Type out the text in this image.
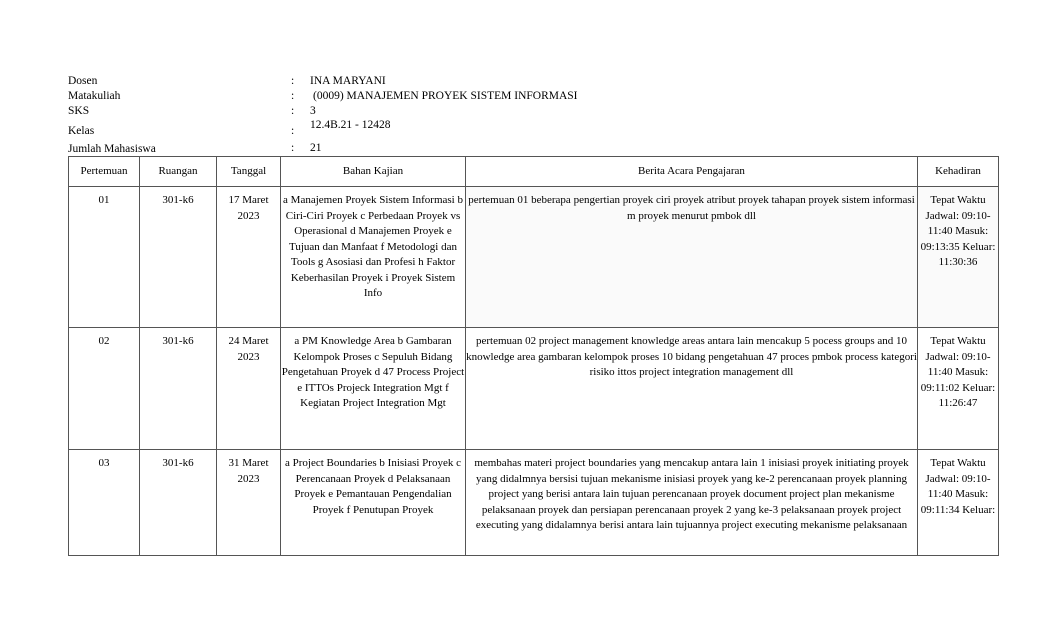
Dosen	: INA MARYANI
Matakuliah	: (0009) MANAJEMEN PROYEK SISTEM INFORMASI
SKS	: 3
Kelas	: 12.4B.21 - 12428
Jumlah Mahasiswa	: 21
Pertemuan	Ruangan	Tanggal	Bahan Kajian	Berita Acara Pengajaran	Kehadiran
01	301-k6	17 Maret 2023	a Manajemen Proyek Sistem Informasi b Ciri-Ciri Proyek c Perbedaan Proyek vs Operasional d Manajemen Proyek e Tujuan dan Manfaat f Metodologi dan Tools g Asosiasi dan Profesi h Faktor Keberhasilan Proyek i Proyek Sistem Info	pertemuan 01 beberapa pengertian proyek ciri proyek atribut proyek tahapan proyek sistem informasi m proyek menurut pmbok dll	Tepat Waktu Jadwal: 09:10-11:40 Masuk: 09:13:35 Keluar: 11:30:36
02	301-k6	24 Maret 2023	a PM Knowledge Area b Gambaran Kelompok Proses c Sepuluh Bidang Pengetahuan Proyek d 47 Process Project e ITTOs Projeck Integration Mgt f Kegiatan Project Integration Mgt	pertemuan 02 project management knowledge areas antara lain mencakup 5 pocess groups and 10 knowledge area gambaran kelompok proses 10 bidang pengetahuan 47 proces pmbok process kategori risiko ittos project integration management dll	Tepat Waktu Jadwal: 09:10-11:40 Masuk: 09:11:02 Keluar: 11:26:47
03	301-k6	31 Maret 2023	a Project Boundaries b Inisiasi Proyek c Perencanaan Proyek d Pelaksanaan Proyek e Pemantauan Pengendalian Proyek f Penutupan Proyek	membahas materi project boundaries yang mencakup antara lain 1 inisiasi proyek initiating proyek yang didalmnya bersisi tujuan mekanisme inisiasi proyek yang ke-2 perencanaan proyek planning project yang berisi antara lain tujuan perencanaan proyek document project plan mekanisme pelaksanaan proyek dan persiapan perencanaan proyek 2 yang ke-3 pelaksanaan proyek project executing yang didalamnya berisi antara lain tujuannya project executing mekanisme pelaksanaan	Tepat Waktu Jadwal: 09:10-11:40 Masuk: 09:11:34 Keluar:
